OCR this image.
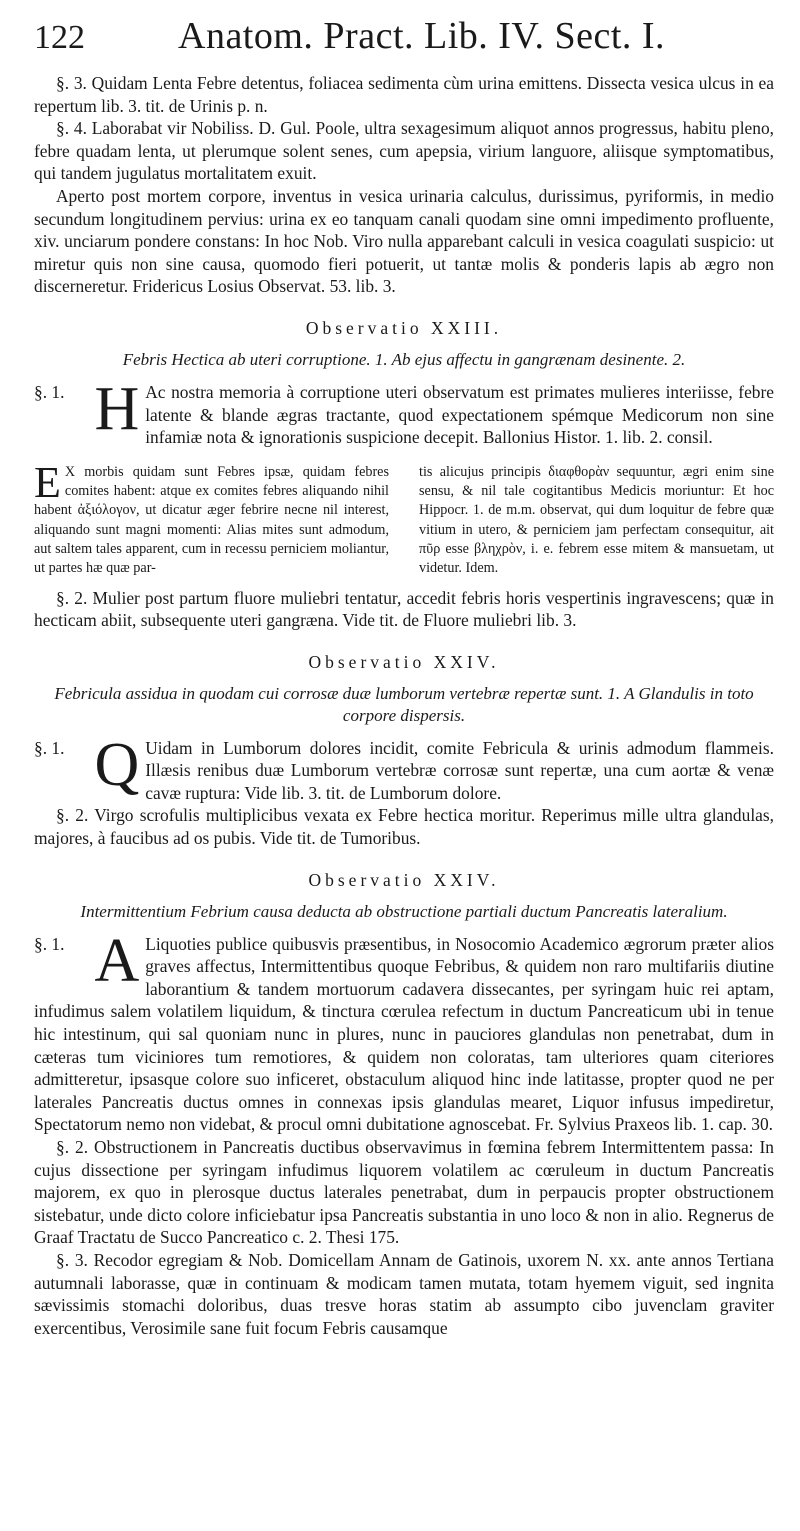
122 Anatom. Pract. Lib. IV. Sect. I.

§. 3. Quidam Lenta Febre detentus, foliacea sedimenta cùm urina emittens. Dissecta vesica ulcus in ea repertum lib. 3. tit. de Urinis p. n.

§. 4. Laborabat vir Nobiliss. D. Gul. Poole, ultra sexagesimum aliquot annos progressus, habitu pleno, febre quadam lenta, ut plerumque solent senes, cum apepsia, virium languore, aliisque symptomatibus, qui tandem jugulatus mortalitatem exuit.

Aperto post mortem corpore, inventus in vesica urinaria calculus, durissimus, pyriformis, in medio secundum longitudinem pervius: urina ex eo tanquam canali quodam sine omni impedimento profluente, xiv. unciarum pondere constans: In hoc Nob. Viro nulla apparebant calculi in vesica coagulati suspicio: ut miretur quis non sine causa, quomodo fieri potuerit, ut tantæ molis & ponderis lapis ab ægro non discerneretur. Fridericus Losius Observat. 53. lib. 3.

Observatio XXIII.
Febris Hectica ab uteri corruptione. 1. Ab ejus affectu in gangrænam desinente. 2.

§. 1. H Ac nostra memoria à corruptione uteri observatum est primates mulieres interiisse, febre latente & blande ægras tractante, quod expectationem spémque Medicorum non sine infamiæ nota & ignorationis suspicione decepit. Ballonius Histor. 1. lib. 2. consil.

E X morbis quidam sunt Febres ipsæ, quidam febres comites habent: atque ex comites febres aliquando nihil habent ἀξιόλογον, ut dicatur æger febrire necne nil interest, aliquando sunt magni momenti: Alias mites sunt admodum, aut saltem tales apparent, cum in recessu perniciem moliantur, ut partes hæ quæ par-
tis alicujus principis διαφθορὰν sequuntur, ægri enim sine sensu, & nil tale cogitantibus Medicis moriuntur: Et hoc Hippocr. 1. de m.m. observat, qui dum loquitur de febre quæ vitium in utero, & perniciem jam perfectam consequitur, ait πῦρ esse βληχρὸν, i. e. febrem esse mitem & mansuetam, ut videtur. Idem.

§. 2. Mulier post partum fluore muliebri tentatur, accedit febris horis vespertinis ingravescens; quæ in hecticam abiit, subsequente uteri gangræna. Vide tit. de Fluore muliebri lib. 3.

Observatio XXIV.
Febricula assidua in quodam cui corrosæ duæ lumborum vertebræ repertæ sunt. 1. A Glandulis in toto corpore dispersis.

§. 1. Q Uidam in Lumborum dolores incidit, comite Febricula & urinis admodum flammeis. Illæsis renibus duæ Lumborum vertebræ corrosæ sunt repertæ, una cum aortæ & venæ cavæ ruptura: Vide lib. 3. tit. de Lumborum dolore.

§. 2. Virgo scrofulis multiplicibus vexata ex Febre hectica moritur. Reperimus mille ultra glandulas, majores, à faucibus ad os pubis. Vide tit. de Tumoribus.

Observatio XXIV.
Intermittentium Febrium causa deducta ab obstructione partiali ductum Pancreatis lateralium.

§. 1. A Liquoties publice quibusvis præsentibus, in Nosocomio Academico ægrorum præter alios graves affectus, Intermittentibus quoque Febribus, & quidem non raro multifariis diutine laborantium & tandem mortuorum cadavera dissecantes, per syringam huic rei aptam, infudimus salem volatilem liquidum, & tinctura cœrulea refectum in ductum Pancreaticum ubi in tenue hic intestinum, qui sal quoniam nunc in plures, nunc in pauciores glandulas non penetrabat, dum in cæteras tum viciniores tum remotiores, & quidem non coloratas, tam ulteriores quam citeriores admitteretur, ipsasque colore suo inficeret, obstaculum aliquod hinc inde latitasse, propter quod ne per laterales Pancreatis ductus omnes in connexas ipsis glandulas mearet, Liquor infusus impediretur, Spectatorum nemo non videbat, & procul omni dubitatione agnoscebat. Fr. Sylvius Praxeos lib. 1. cap. 30.

§. 2. Obstructionem in Pancreatis ductibus observavimus in fœmina febrem Intermittentem passa: In cujus dissectione per syringam infudimus liquorem volatilem ac cœruleum in ductum Pancreatis majorem, ex quo in plerosque ductus laterales penetrabat, dum in perpaucis propter obstructionem sistebatur, unde dicto colore inficiebatur ipsa Pancreatis substantia in uno loco & non in alio. Regnerus de Graaf Tractatu de Succo Pancreatico c. 2. Thesi 175.

§. 3. Recodor egregiam & Nob. Domicellam Annam de Gatinois, uxorem N. xx. ante annos Tertiana autumnali laborasse, quæ in continuam & modicam tamen mutata, totam hyemem viguit, sed ingnita sævissimis stomachi doloribus, duas tresve horas statim ab assumpto cibo juvenclam graviter exercentibus, Verosimile sane fuit focum Febris causamque
